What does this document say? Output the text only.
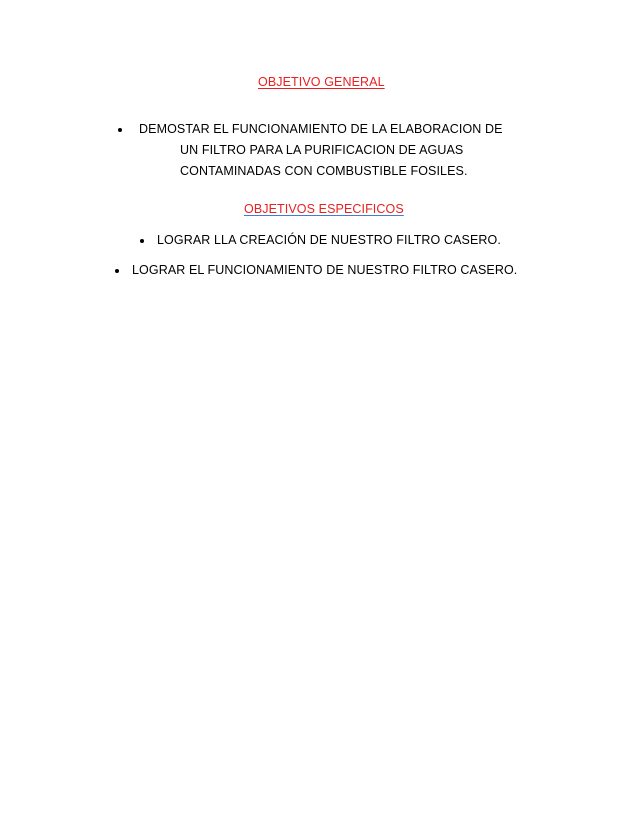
OBJETIVO GENERAL
DEMOSTAR EL FUNCIONAMIENTO DE LA ELABORACION DE
UN FILTRO PARA LA PURIFICACION DE AGUAS
CONTAMINADAS CON COMBUSTIBLE FOSILES.
OBJETIVOS ESPECIFICOS
LOGRAR LLA CREACIÓN DE NUESTRO FILTRO CASERO.
LOGRAR EL FUNCIONAMIENTO DE NUESTRO FILTRO CASERO.
